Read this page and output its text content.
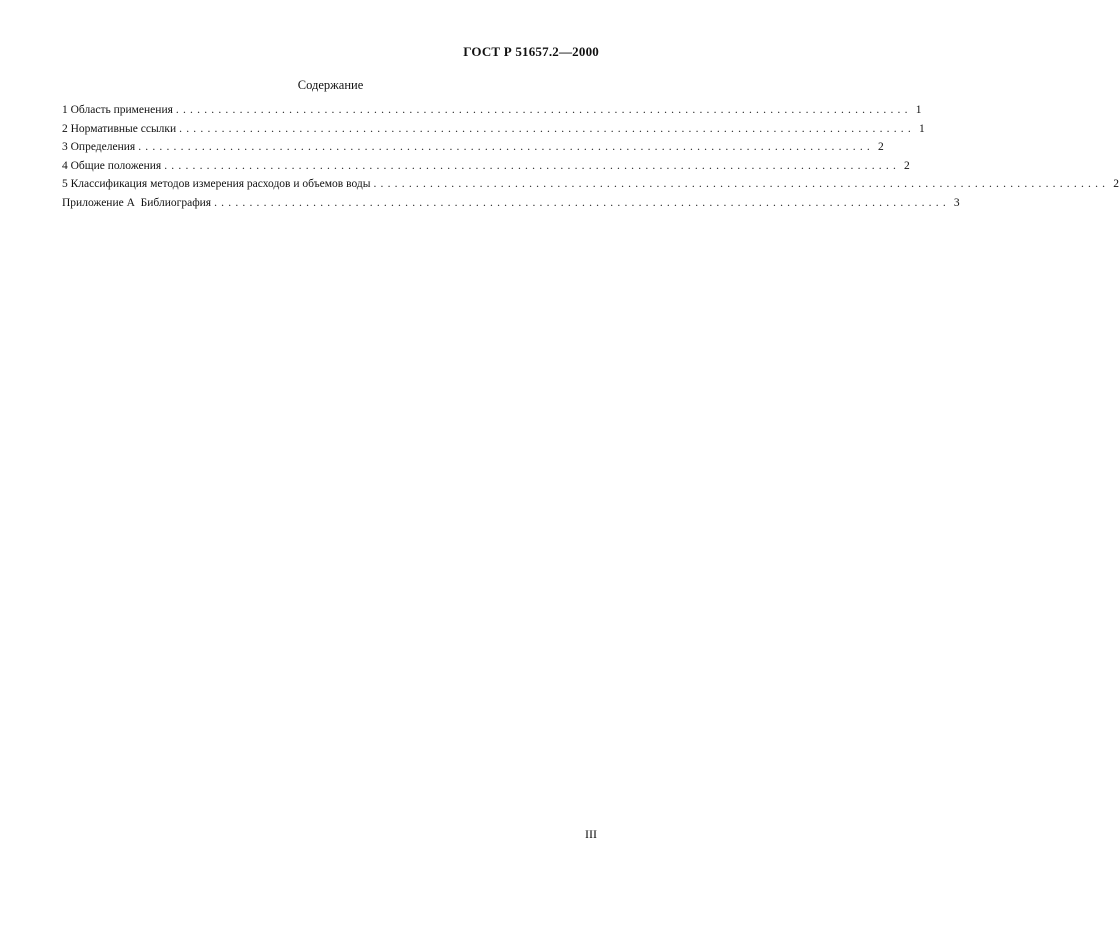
ГОСТ Р 51657.2—2000
Содержание
1
Область применения ........................................................................................................ 1
2
Нормативные ссылки ........................................................................................................ 1
3
Определения ........................................................................................................ 2
4
Общие положения ........................................................................................................ 2
5
Классификация методов измерения расходов и объемов воды ........................................................................................................ 2
Приложение А  Библиография ........................................................................................................ 3
III
